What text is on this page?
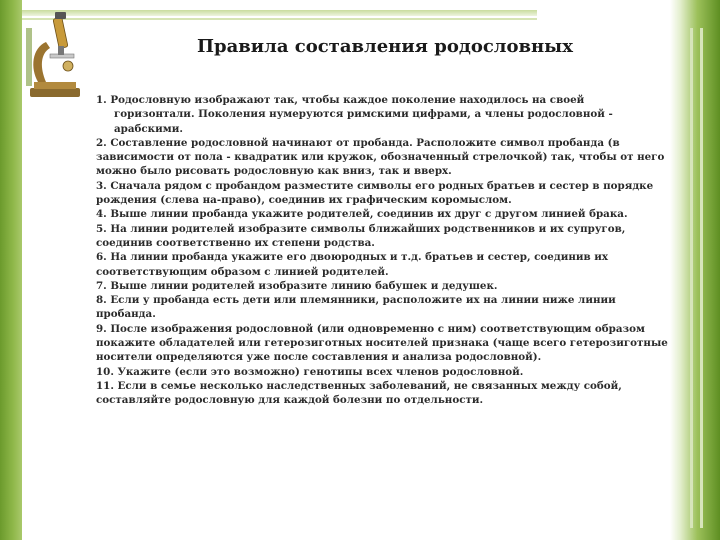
Правила составления родословных

1. Родословную изображают так, чтобы каждое поколение находилось на своей горизонтали. Поколения нумеруются римскими цифрами, а члены родословной - арабскими.

2. Составление родословной начинают от пробанда. Расположите символ пробанда (в зависимости от пола - квадратик или кружок, обозначенный стрелочкой) так, чтобы от него можно было рисовать родословную как вниз, так и вверх.

3. Сначала рядом с пробандом разместите символы его родных братьев и сестер в порядке рождения (слева на-право), соединив их графическим коромыслом.

4. Выше линии пробанда укажите родителей, соединив их друг с другом линией брака.

5. На линии родителей изобразите символы ближайших родственников и их супругов, соединив соответственно их степени родства.

6. На линии пробанда укажите его двоюродных и т.д. братьев и сестер, соединив их соответствующим образом с линией родителей.

7. Выше линии родителей изобразите линию бабушек и дедушек.

8. Если у пробанда есть дети или племянники, расположите их на линии ниже линии пробанда.

9. После изображения родословной (или одновременно с ним) соответствующим образом покажите обладателей или гетерозиготных носителей признака (чаще всего гетерозиготные носители определяются уже после составления и анализа родословной).

10. Укажите (если это возможно) генотипы всех членов родословной.

11. Если в семье несколько наследственных заболеваний, не связанных между собой, составляйте родословную для каждой болезни по отдельности.
